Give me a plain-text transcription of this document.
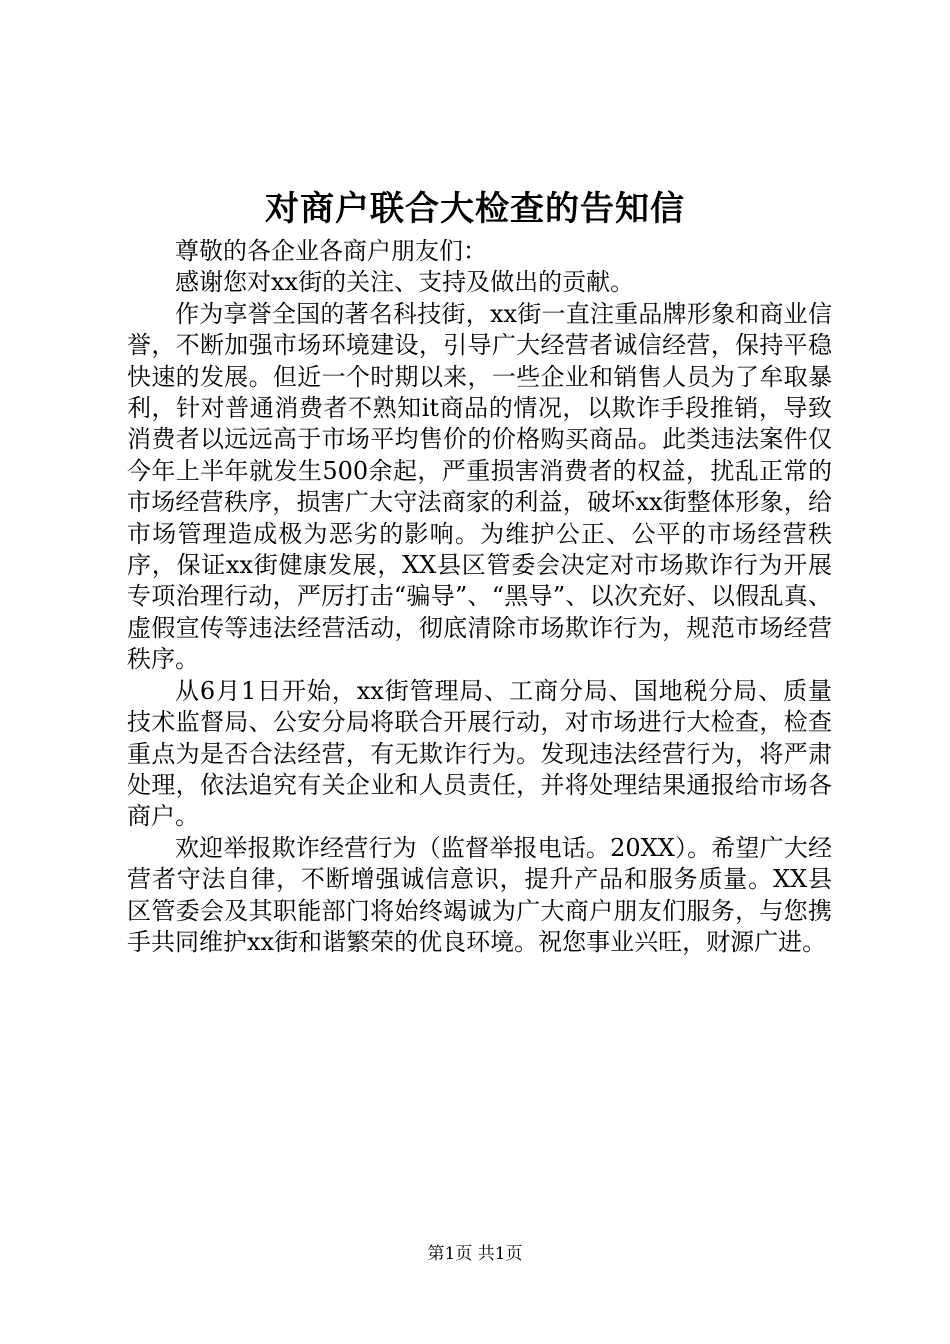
对商户联合大检查的告知信

尊敬的各企业各商户朋友们：

感谢您对xx街的关注、支持及做出的贡献。

作为享誉全国的著名科技街，xx街一直注重品牌形象和商业信誉，不断加强市场环境建设，引导广大经营者诚信经营，保持平稳快速的发展。但近一个时期以来，一些企业和销售人员为了牟取暴利，针对普通消费者不熟知it商品的情况，以欺诈手段推销，导致消费者以远远高于市场平均售价的价格购买商品。此类违法案件仅今年上半年就发生500余起，严重损害消费者的权益，扰乱正常的市场经营秩序，损害广大守法商家的利益，破坏xx街整体形象，给市场管理造成极为恶劣的影响。为维护公正、公平的市场经营秩序，保证xx街健康发展，XX县区管委会决定对市场欺诈行为开展专项治理行动，严厉打击“骗导”、“黑导”、以次充好、以假乱真、虚假宣传等违法经营活动，彻底清除市场欺诈行为，规范市场经营秩序。

从6月1日开始，xx街管理局、工商分局、国地税分局、质量技术监督局、公安分局将联合开展行动，对市场进行大检查，检查重点为是否合法经营，有无欺诈行为。发现违法经营行为，将严肃处理，依法追究有关企业和人员责任，并将处理结果通报给市场各商户。

欢迎举报欺诈经营行为（监督举报电话。20XX）。希望广大经营者守法自律，不断增强诚信意识，提升产品和服务质量。XX县区管委会及其职能部门将始终竭诚为广大商户朋友们服务，与您携手共同维护xx街和谐繁荣的优良环境。祝您事业兴旺，财源广进。

第1页 共1页
